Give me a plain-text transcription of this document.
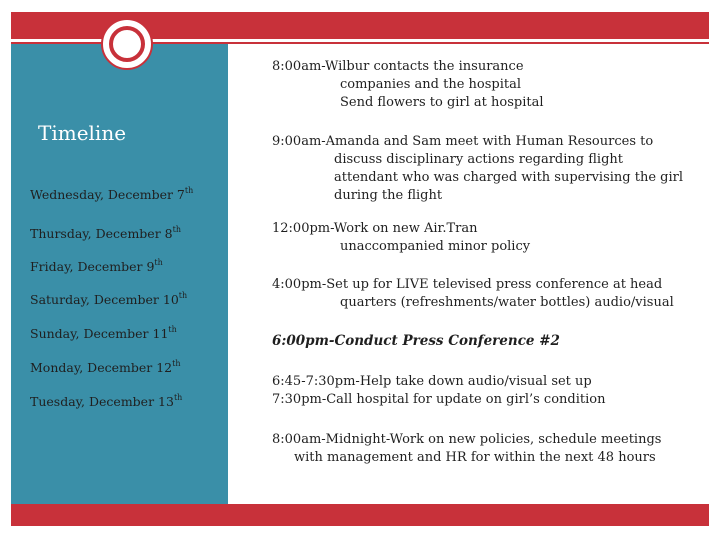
Timeline
Wednesday, December 7th
Thursday, December 8th
Friday, December 9th
Saturday, December 10th
Sunday, December 11th
Monday, December 12th
Tuesday, December 13th
8:00am-Wilbur contacts the insurance
companies and the hospital
Send flowers to girl at hospital
9:00am-Amanda and Sam meet with Human Resources to
discuss disciplinary actions regarding flight
attendant who was charged with supervising the girl
during the flight
12:00pm-Work on new Air.Tran
unaccompanied minor policy
4:00pm-Set up for LIVE televised press conference at head
quarters (refreshments/water bottles) audio/visual
6:00pm-Conduct Press Conference #2
6:45-7:30pm-Help take down audio/visual set up
7:30pm-Call hospital for update on girl’s condition
8:00am-Midnight-Work on new policies, schedule meetings
with management and HR for within the next 48 hours
